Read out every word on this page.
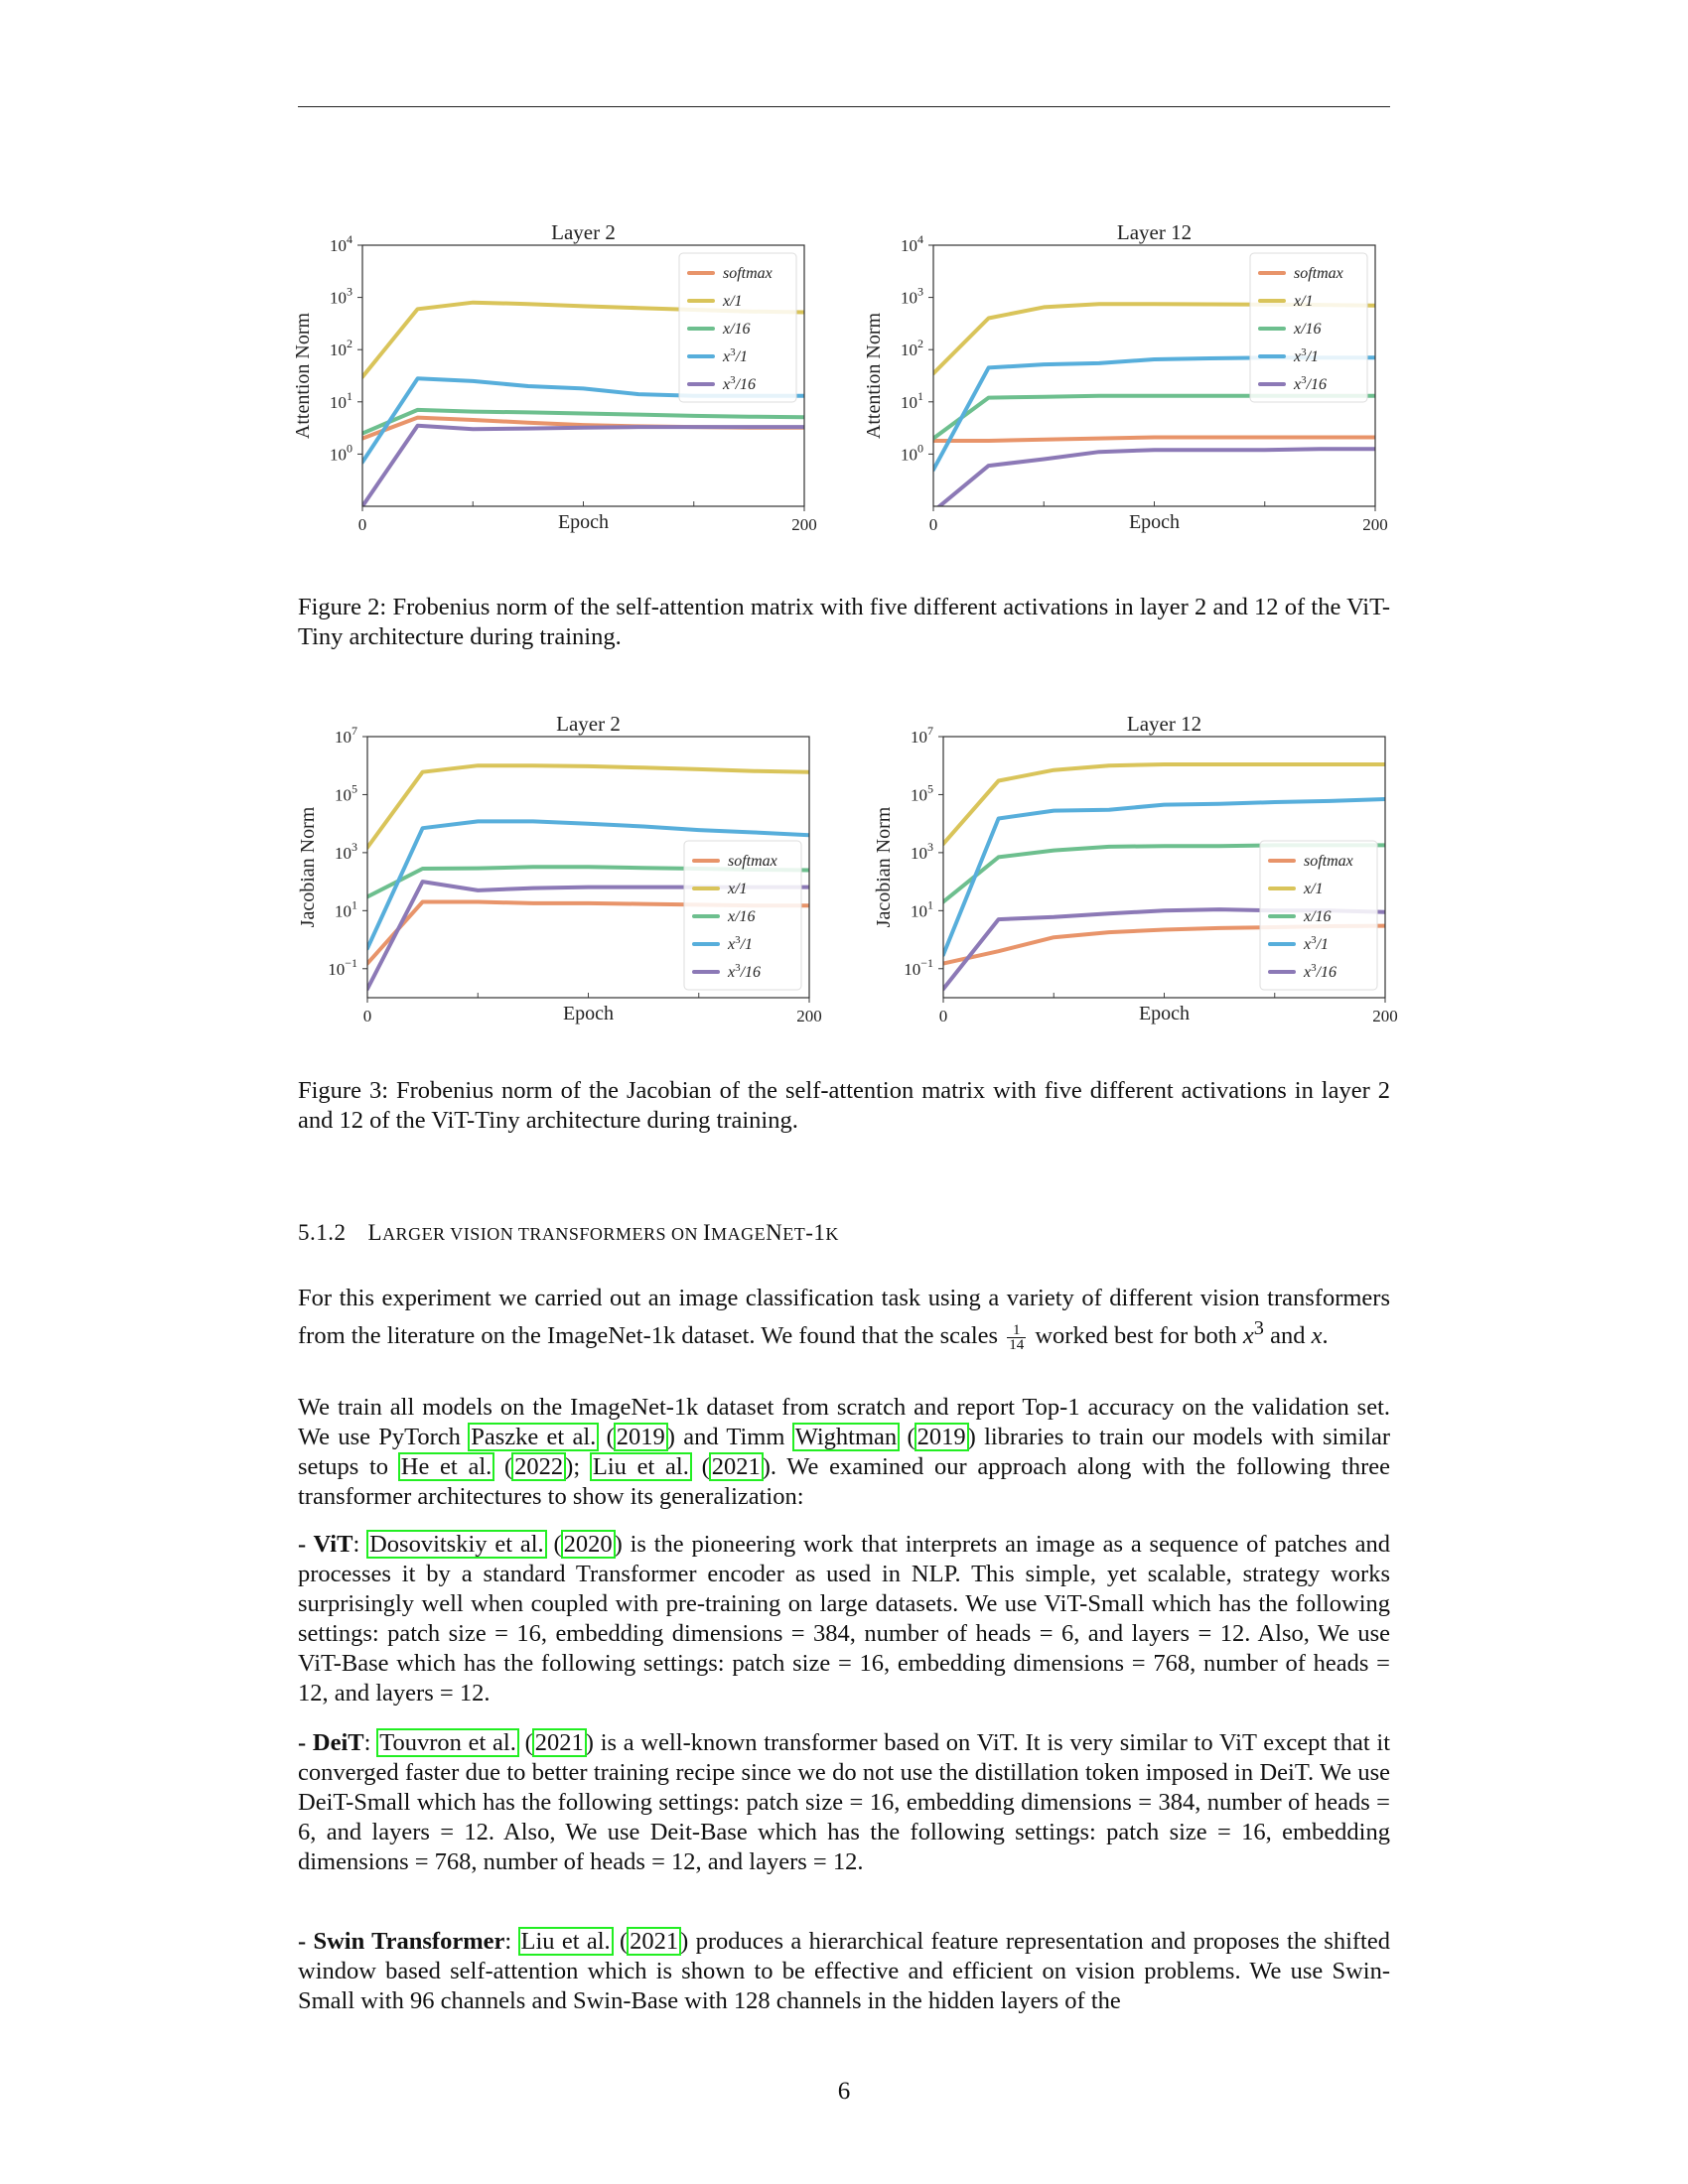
$10^0$
$10^1$
$10^2$
$10^3$
$10^4$
0	200
Layer 2
Epoch
Attention Norm
softmax
x/1
x/16
$x^3/1$
$x^3/16$
$10^0$
$10^1$
$10^2$
$10^3$
$10^4$
0	200
Layer 12
Epoch
Attention Norm
softmax
x/1
x/16
$x^3/1$
$x^3/16$
Figure 2: Frobenius norm of the self-attention matrix with five different activations in layer 2 and 12 of the ViT-Tiny architecture during training.
$10^{-1}$
$10^1$
$10^3$
$10^5$
$10^7$
0	200
Layer 2
Epoch
Jacobian Norm	softmax
x/1
x/16
$x^3/1$
$x^3/16$	$10^{-1}$
$10^1$
$10^3$
$10^5$
$10^7$
0	200
Layer 12
Epoch
Jacobian Norm	softmax
x/1
x/16
$x^3/1$
$x^3/16$
Figure 3: Frobenius norm of the Jacobian of the self-attention matrix with five different activations in layer 2 and 12 of the ViT-Tiny architecture during training.
5.1.2 LARGER VISION TRANSFORMERS ON IMAGENET-1K
For this experiment we carried out an image classification task using a variety of different vision transformers from the literature on the ImageNet-1k dataset. We found that the scales $\frac{1}{14}$ worked best for both $x^3$ and x.
We train all models on the ImageNet-1k dataset from scratch and report Top-1 accuracy on the validation set. We use PyTorch Paszke et al. (2019) and Timm Wightman (2019) libraries to train our models with similar setups to He et al. (2022); Liu et al. (2021). We examined our approach along with the following three transformer architectures to show its generalization:
- ViT: Dosovitskiy et al. (2020) is the pioneering work that interprets an image as a sequence of patches and processes it by a standard Transformer encoder as used in NLP. This simple, yet scalable, strategy works surprisingly well when coupled with pre-training on large datasets. We use ViT-Small which has the following settings: patch size = 16, embedding dimensions = 384, number of heads = 6, and layers = 12. Also, We use ViT-Base which has the following settings: patch size = 16, embedding dimensions = 768, number of heads = 12, and layers = 12.
- DeiT: Touvron et al. (2021) is a well-known transformer based on ViT. It is very similar to ViT except that it converged faster due to better training recipe since we do not use the distillation token imposed in DeiT. We use DeiT-Small which has the following settings: patch size = 16, embedding dimensions = 384, number of heads = 6, and layers = 12. Also, We use Deit-Base which has the following settings: patch size = 16, embedding dimensions = 768, number of heads = 12, and layers = 12.
- Swin Transformer: Liu et al. (2021) produces a hierarchical feature representation and proposes the shifted window based self-attention which is shown to be effective and efficient on vision problems. We use Swin-Small with 96 channels and Swin-Base with 128 channels in the hidden layers of the
6
